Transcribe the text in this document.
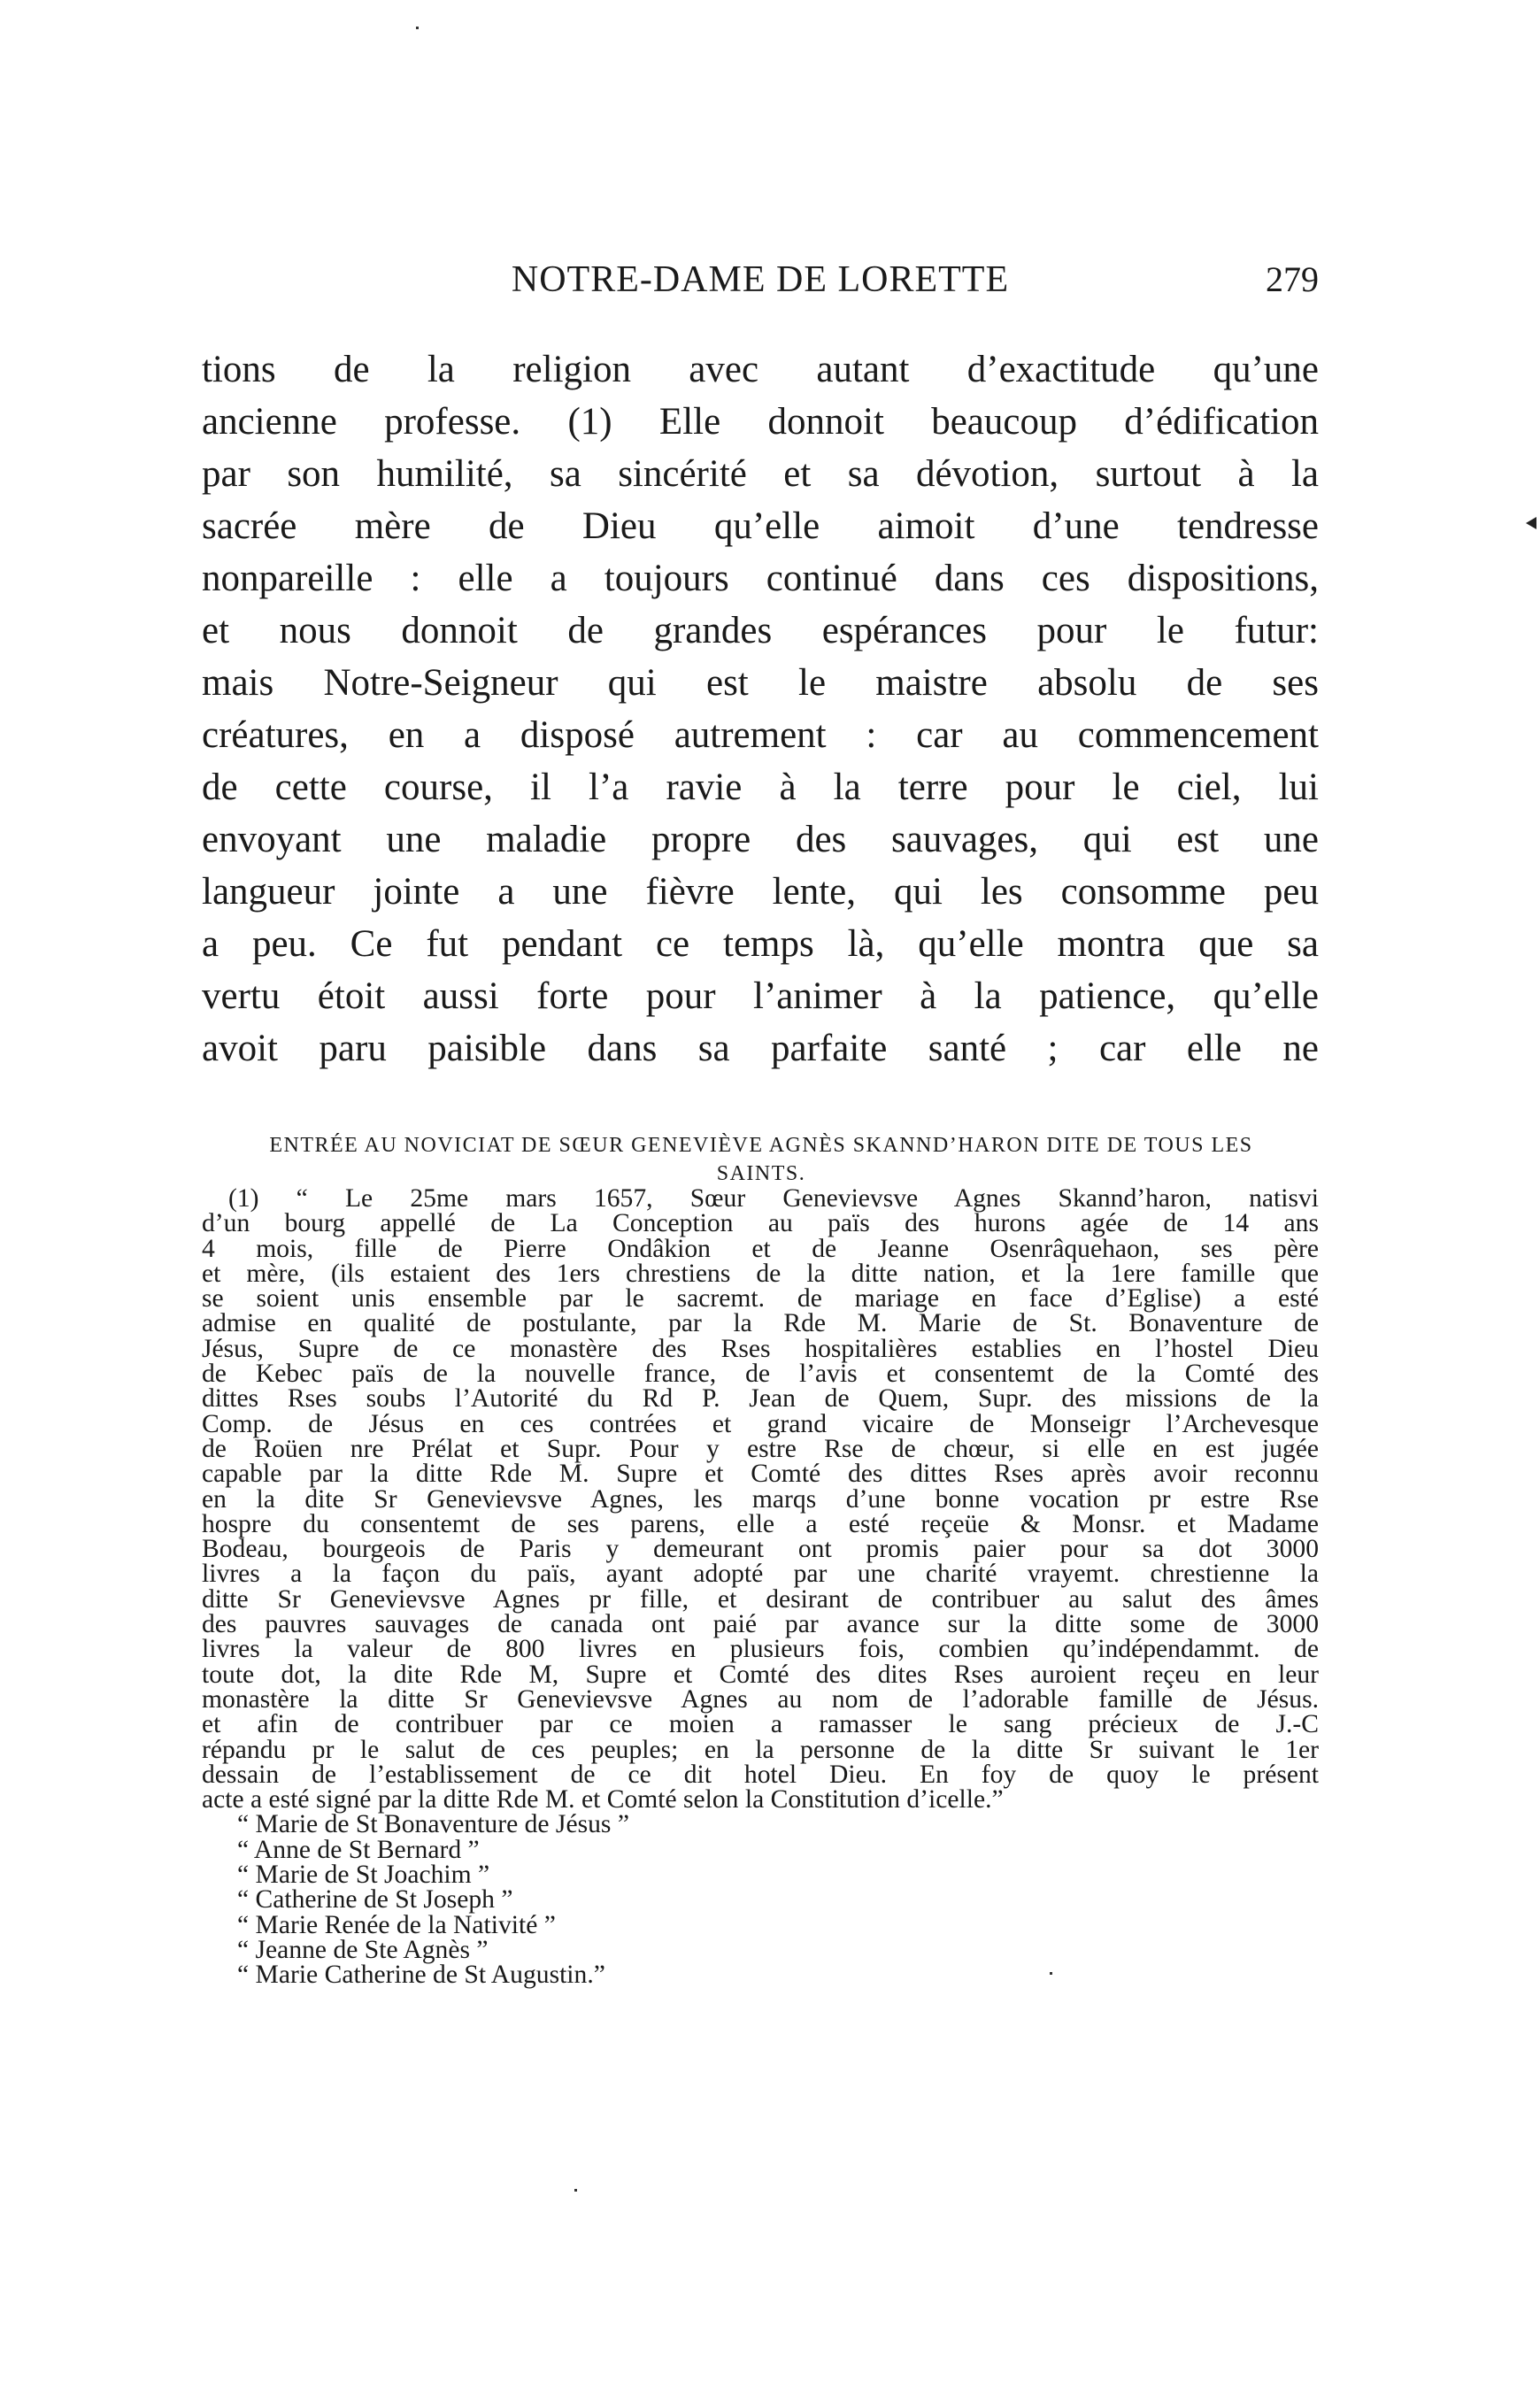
NOTRE-DAME DE LORETTE	279
tions de la religion avec autant d’exactitude qu’une
ancienne professe. (1) Elle donnoit beaucoup d’édification
par son humilité, sa sincérité et sa dévotion, surtout à la
sacrée mère de Dieu qu’elle aimoit d’une tendresse
nonpareille : elle a toujours continué dans ces dispositions,
et nous donnoit de grandes espérances pour le futur:
mais Notre-Seigneur qui est le maistre absolu de ses
créatures, en a disposé autrement : car au commencement
de cette course, il l’a ravie à la terre pour le ciel, lui
envoyant une maladie propre des sauvages, qui est une
langueur jointe a une fièvre lente, qui les consomme peu
a peu. Ce fut pendant ce temps là, qu’elle montra que sa
vertu étoit aussi forte pour l’animer à la patience, qu’elle
avoit paru paisible dans sa parfaite santé ; car elle ne
ENTRÉE AU NOVICIAT DE SŒUR GENEVIÈVE AGNÈS SKANND’HARON DITE DE TOUS LES SAINTS.
(1) “ Le 25me mars 1657, Sœur Genevievsve Agnes Skannd’haron, natisvi
d’un bourg appellé de La Conception au païs des hurons agée de 14 ans
4 mois, fille de Pierre Ondâkion et de Jeanne Osenrâquehaon, ses père
et mère, (ils estaient des 1ers chrestiens de la ditte nation, et la 1ere famille que
se soient unis ensemble par le sacremt. de mariage en face d’Eglise) a esté
admise en qualité de postulante, par la Rde M. Marie de St. Bonaventure de
Jésus, Supre de ce monastère des Rses hospitalières establies en l’hostel Dieu
de Kebec païs de la nouvelle france, de l’avis et consentemt de la Comté des
dittes Rses soubs l’Autorité du Rd P. Jean de Quem, Supr. des missions de la
Comp. de Jésus en ces contrées et grand vicaire de Monseigr l’Archevesque
de Roüen nre Prélat et Supr. Pour y estre Rse de chœur, si elle en est jugée
capable par la ditte Rde M. Supre et Comté des dittes Rses après avoir reconnu
en la dite Sr Genevievsve Agnes, les marqs d’une bonne vocation pr estre Rse
hospre du consentemt de ses parens, elle a esté reçeüe & Monsr. et Madame
Bodeau, bourgeois de Paris y demeurant ont promis paier pour sa dot 3000
livres a la façon du païs, ayant adopté par une charité vrayemt. chrestienne la
ditte Sr Genevievsve Agnes pr fille, et desirant de contribuer au salut des âmes
des pauvres sauvages de canada ont paié par avance sur la ditte some de 3000
livres la valeur de 800 livres en plusieurs fois, combien qu’indépendammt. de
toute dot, la dite Rde M, Supre et Comté des dites Rses auroient reçeu en leur
monastère la ditte Sr Genevievsve Agnes au nom de l’adorable famille de Jésus.
et afin de contribuer par ce moien a ramasser le sang précieux de J.-C
répandu pr le salut de ces peuples; en la personne de la ditte Sr suivant le 1er
dessain de l’establissement de ce dit hotel Dieu. En foy de quoy le présent
acte a esté signé par la ditte Rde M. et Comté selon la Constitution d’icelle.”
“ Marie de St Bonaventure de Jésus ”
“ Anne de St Bernard ”
“ Marie de St Joachim ”
“ Catherine de St Joseph ”
“ Marie Renée de la Nativité ”
“ Jeanne de Ste Agnès ”
“ Marie Catherine de St Augustin.”
